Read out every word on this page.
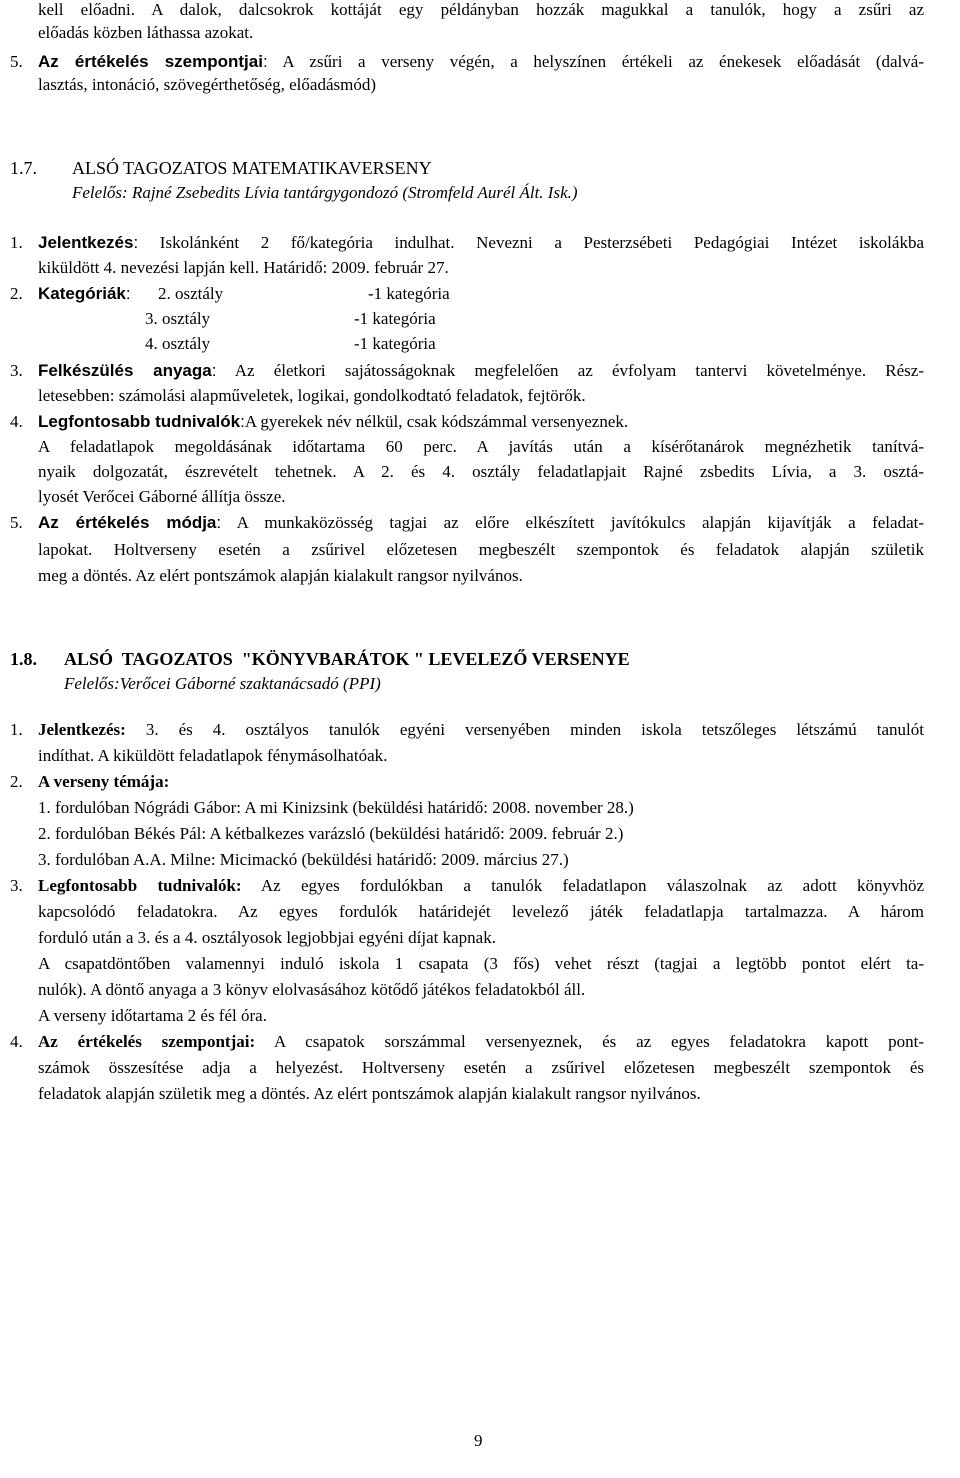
kell előadni. A dalok, dalcsokrok kottáját egy példányban hozzák magukkal a tanulók, hogy a zsűri az
előadás közben láthassa azokat.
5. Az értékelés szempontjai: A zsűri a verseny végén, a helyszínen értékeli az énekesek előadását (dalvá-
lasztás, intonáció, szövegérthetőség, előadásmód)
1.7. ALSÓ TAGOZATOS MATEMATIKAVERSENY
Felelős: Rajné Zsebedits Lívia tantárgygondozó (Stromfeld Aurél Ált. Isk.)
1. Jelentkezés: Iskolánként 2 fő/kategória indulhat. Nevezni a Pesterzsébeti Pedagógiai Intézet iskolákba
kiküldött 4. nevezési lapján kell. Határidő: 2009. február 27.
2. Kategóriák: 2. osztály	-1 kategória
3. osztály	-1 kategória
4. osztály	-1 kategória
3. Felkészülés anyaga: Az életkori sajátosságoknak megfelelően az évfolyam tantervi követelménye. Rész-
letesebben: számolási alapműveletek, logikai, gondolkodtató feladatok, fejtörők.
4. Legfontosabb tudnivalók:A gyerekek név nélkül, csak kódszámmal versenyeznek.
A feladatlapok megoldásának időtartama 60 perc. A javítás után a kísérőtanárok megnézhetik tanítvá-
nyaik dolgozatát, észrevételt tehetnek. A 2. és 4. osztály feladatlapjait Rajné zsbedits Lívia, a 3. osztá-
lyosét Verőcei Gáborné állítja össze.
5. Az értékelés módja: A munkaközösség tagjai az előre elkészített javítókulcs alapján kijavítják a feladat-
lapokat. Holtverseny esetén a zsűrivel előzetesen megbeszélt szempontok és feladatok alapján születik
meg a döntés. Az elért pontszámok alapján kialakult rangsor nyilvános.
1.8. ALSÓ  TAGOZATOS  "KÖNYVBARÁTOK " LEVELEZŐ VERSENYE
Felelős:Verőcei Gáborné szaktanácsadó (PPI)
1. Jelentkezés: 3. és 4. osztályos tanulók egyéni versenyében minden iskola tetszőleges létszámú tanulót
indíthat. A kiküldött feladatlapok fénymásolhatóak.
2. A verseny témája:
1. fordulóban Nógrádi Gábor: A mi Kinizsink (beküldési határidő: 2008. november 28.)
2. fordulóban Békés Pál: A kétbalkezes varázsló (beküldési határidő: 2009. február 2.)
3. fordulóban A.A. Milne: Micimackó (beküldési határidő: 2009. március 27.)
3. Legfontosabb tudnivalók: Az egyes fordulókban a tanulók feladatlapon válaszolnak az adott könyvhöz
kapcsolódó feladatokra. Az egyes fordulók határidejét levelező játék feladatlapja tartalmazza. A három
forduló után a 3. és a 4. osztályosok legjobbjai egyéni díjat kapnak.
A csapatdöntőben valamennyi induló iskola 1 csapata (3 fős) vehet részt (tagjai a legtöbb pontot elért ta-
nulók). A döntő anyaga a 3 könyv elolvasásához kötődő játékos feladatokból áll.
A verseny időtartama 2 és fél óra.
4. Az értékelés szempontjai: A csapatok sorszámmal versenyeznek, és az egyes feladatokra kapott pont-
számok összesítése adja a helyezést. Holtverseny esetén a zsűrivel előzetesen megbeszélt szempontok és
feladatok alapján születik meg a döntés. Az elért pontszámok alapján kialakult rangsor nyilvános.
9
